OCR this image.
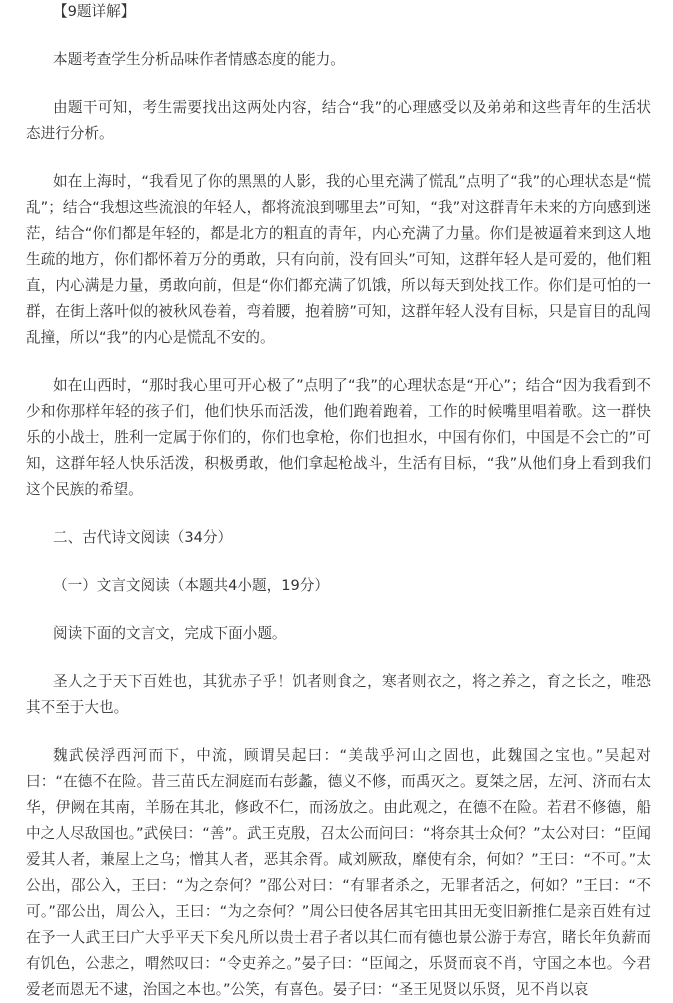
【9题详解】

本题考查学生分析品味作者情感态度的能力。

由题干可知，考生需要找出这两处内容，结合“我”的心理感受以及弟弟和这些青年的生活状态进行分析。

如在上海时，“我看见了你的黑黑的人影，我的心里充满了慌乱”点明了“我”的心理状态是“慌乱”；结合“我想这些流浪的年轻人，都将流浪到哪里去”可知，“我”对这群青年未来的方向感到迷茫，结合“你们都是年轻的，都是北方的粗直的青年，内心充满了力量。你们是被逼着来到这人地生疏的地方，你们都怀着万分的勇敢，只有向前，没有回头”可知，这群年轻人是可爱的，他们粗直，内心满是力量，勇敢向前，但是“你们都充满了饥饿，所以每天到处找工作。你们是可怕的一群，在街上落叶似的被秋风卷着，弯着腰，抱着膀”可知，这群年轻人没有目标，只是盲目的乱闯乱撞，所以“我”的内心是慌乱不安的。

如在山西时，“那时我心里可开心极了”点明了“我”的心理状态是“开心”；结合“因为我看到不少和你那样年轻的孩子们，他们快乐而活泼，他们跑着跑着，工作的时候嘴里唱着歌。这一群快乐的小战士，胜利一定属于你们的，你们也拿枪，你们也担水，中国有你们，中国是不会亡的”可知，这群年轻人快乐活泼，积极勇敢，他们拿起枪战斗，生活有目标，“我”从他们身上看到我们这个民族的希望。

二、古代诗文阅读（34分）

（一）文言文阅读（本题共4小题，19分）

阅读下面的文言文，完成下面小题。

圣人之于天下百姓也，其犹赤子乎！饥者则食之，寒者则衣之，将之养之，育之长之，唯恐其不至于大也。

魏武侯浮西河而下，中流，顾谓吴起曰：“美哉乎河山之固也，此魏国之宝也。”吴起对曰：“在德不在险。昔三苗氏左洞庭而右彭蠡，德义不修，而禹灭之。夏桀之居，左河、济而右太华，伊阙在其南，羊肠在其北，修政不仁，而汤放之。由此观之，在德不在险。若君不修德，船中之人尽敌国也。”武侯曰：“善”。武王克殷，召太公而问曰：“将奈其士众何？”太公对曰：“臣闻爱其人者，兼屋上之乌；憎其人者，恶其余胥。咸刘厥敌，靡使有余，何如？”王曰：“不可。”太公出，邵公入，王曰：“为之奈何？”邵公对曰：“有罪者杀之，无罪者活之，何如？”王曰：“不可。”邵公出，周公入，王曰：“为之奈何？”周公曰使各居其宅田其田无变旧新推仁是亲百姓有过在予一人武王曰广大乎平天下矣凡所以贵士君子者以其仁而有德也景公游于寿宫，睹长年负薪而有饥色，公悲之，喟然叹曰：“令吏养之。”晏子曰：“臣闻之，乐贤而哀不肖，守国之本也。今君爱老而恩无不逮，治国之本也。”公笑，有喜色。晏子曰：“圣王见贤以乐贤，见不肖以哀
